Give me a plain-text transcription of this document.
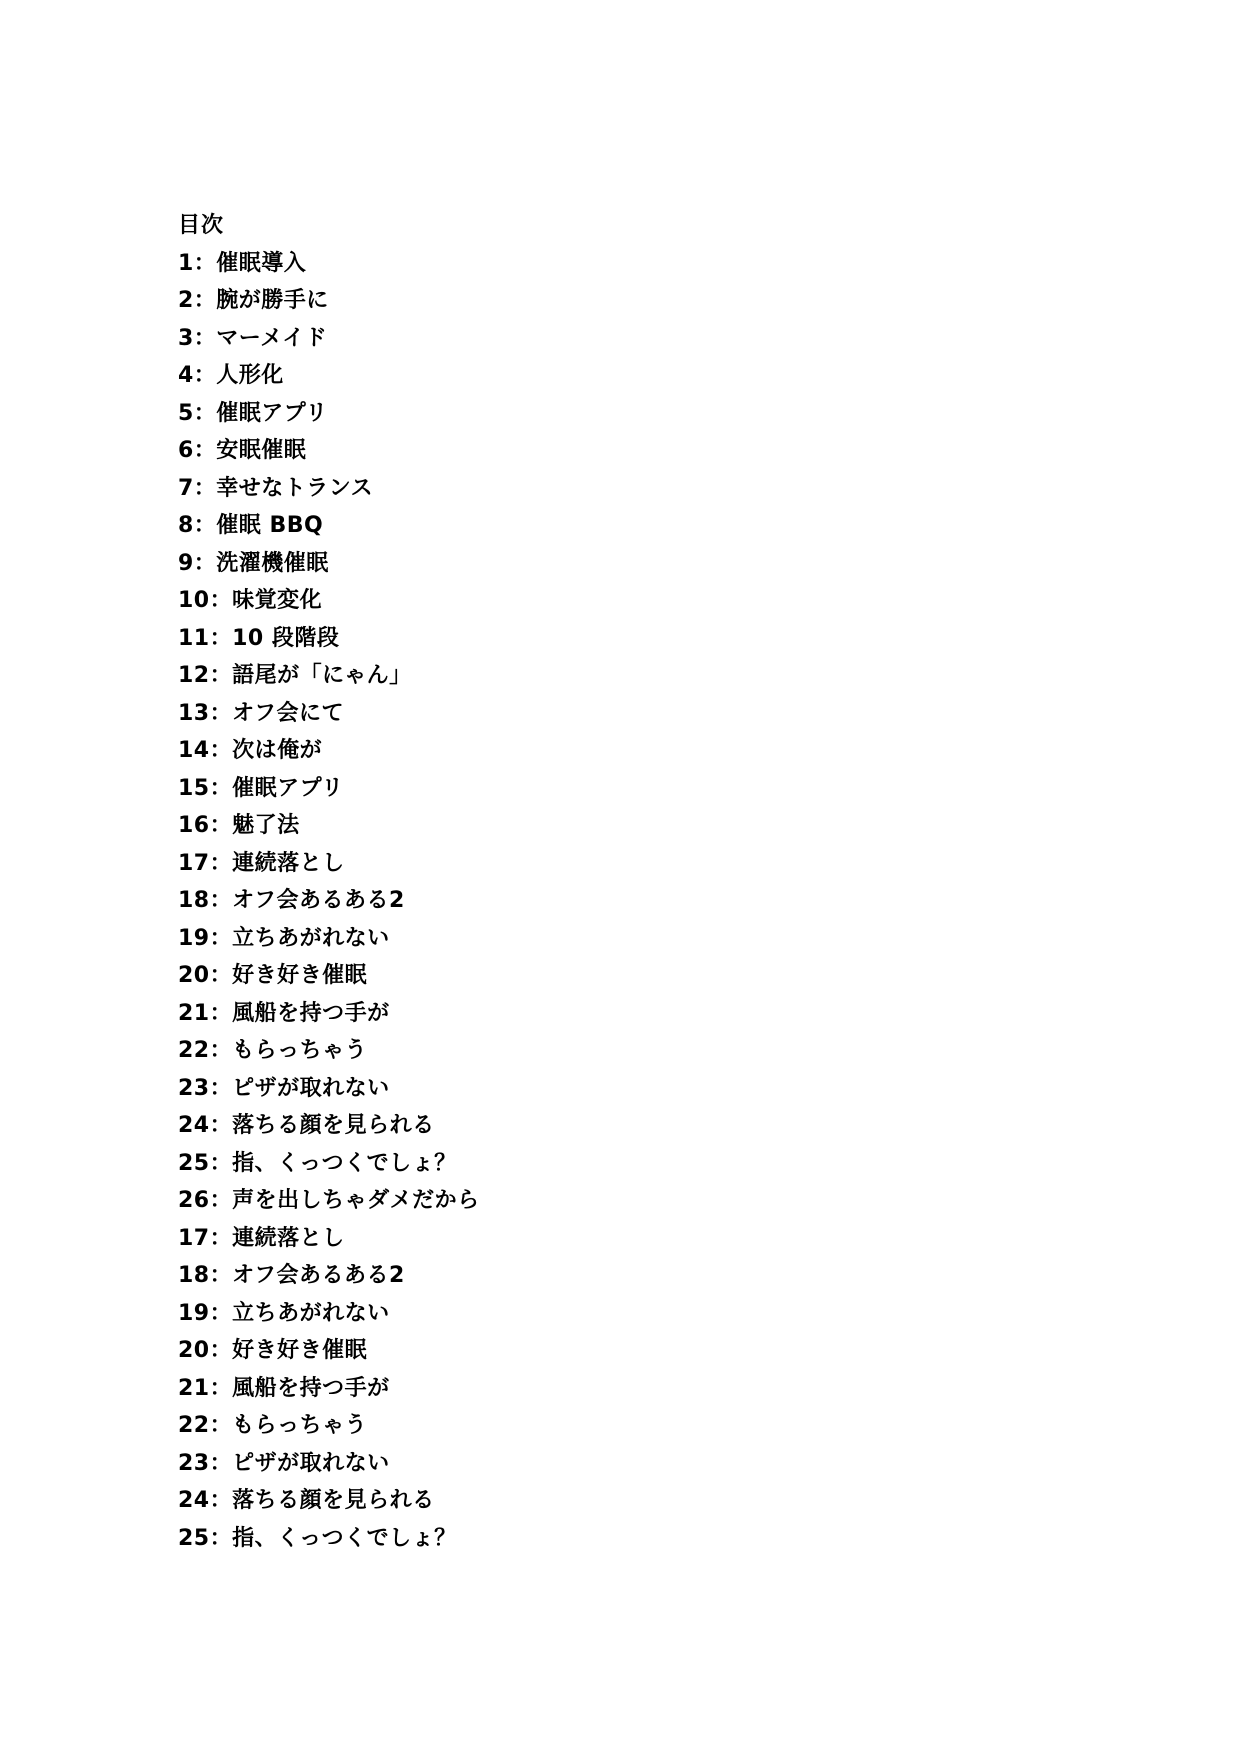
目次
1：催眠導入
2：腕が勝手に
3：マーメイド
4：人形化
5：催眠アプリ
6：安眠催眠
7：幸せなトランス
8：催眠 BBQ
9：洗濯機催眠
10：味覚変化
11：10 段階段
12：語尾が「にゃん」
13：オフ会にて
14：次は俺が
15：催眠アプリ
16：魅了法
17：連続落とし
18：オフ会あるある2
19：立ちあがれない
20：好き好き催眠
21：風船を持つ手が
22：もらっちゃう
23：ピザが取れない
24：落ちる顔を見られる
25：指、くっつくでしょ？
26：声を出しちゃダメだから
17：連続落とし
18：オフ会あるある2
19：立ちあがれない
20：好き好き催眠
21：風船を持つ手が
22：もらっちゃう
23：ピザが取れない
24：落ちる顔を見られる
25：指、くっつくでしょ？
